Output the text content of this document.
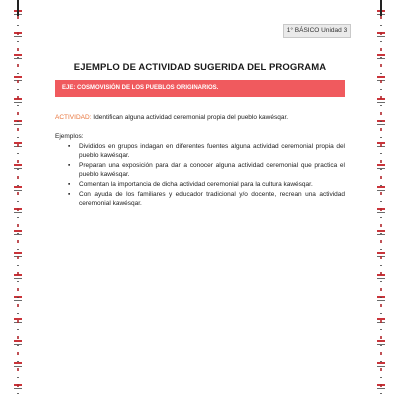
1° BÁSICO Unidad 3
EJEMPLO DE ACTIVIDAD SUGERIDA DEL PROGRAMA
EJE: COSMOVISIÓN DE LOS PUEBLOS ORIGINARIOS.
ACTIVIDAD: Identifican alguna actividad ceremonial propia del pueblo kawésqar.
Ejemplos:
▪ Divididos en grupos indagan en diferentes fuentes alguna actividad ceremonial propia del pueblo kawésqar.
▪ Preparan una exposición para dar a conocer alguna actividad ceremonial que practica el pueblo kawésqar.
▪ Comentan la importancia de dicha actividad ceremonial para la cultura kawésqar.
▪ Con ayuda de los familiares y educador tradicional y/o docente, recrean una actividad ceremonial kawésqar.
